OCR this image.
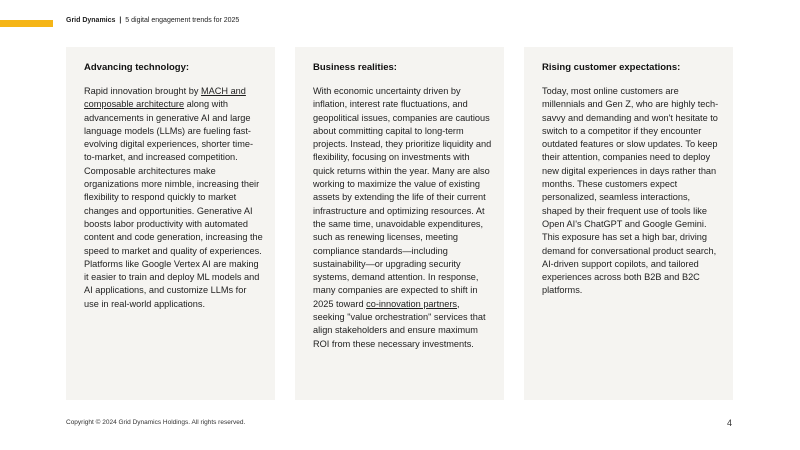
Grid Dynamics | 5 digital engagement trends for 2025
Advancing technology:

Rapid innovation brought by MACH and composable architecture along with advancements in generative AI and large language models (LLMs) are fueling fast-evolving digital experiences, shorter time-to-market, and increased competition. Composable architectures make organizations more nimble, increasing their flexibility to respond quickly to market changes and opportunities. Generative AI boosts labor productivity with automated content and code generation, increasing the speed to market and quality of experiences. Platforms like Google Vertex AI are making it easier to train and deploy ML models and AI applications, and customize LLMs for use in real-world applications.

Business realities:

With economic uncertainty driven by inflation, interest rate fluctuations, and geopolitical issues, companies are cautious about committing capital to long-term projects. Instead, they prioritize liquidity and flexibility, focusing on investments with quick returns within the year. Many are also working to maximize the value of existing assets by extending the life of their current infrastructure and optimizing resources. At the same time, unavoidable expenditures, such as renewing licenses, meeting compliance standards—including sustainability—or upgrading security systems, demand attention. In response, many companies are expected to shift in 2025 toward co-innovation partners, seeking "value orchestration" services that align stakeholders and ensure maximum ROI from these necessary investments.

Rising customer expectations:

Today, most online customers are millennials and Gen Z, who are highly tech-savvy and demanding and won't hesitate to switch to a competitor if they encounter outdated features or slow updates. To keep their attention, companies need to deploy new digital experiences in days rather than months. These customers expect personalized, seamless interactions, shaped by their frequent use of tools like Open AI's ChatGPT and Google Gemini. This exposure has set a high bar, driving demand for conversational product search, AI-driven support copilots, and tailored experiences across both B2B and B2C platforms.

Copyright © 2024 Grid Dynamics Holdings. All rights reserved.	4
